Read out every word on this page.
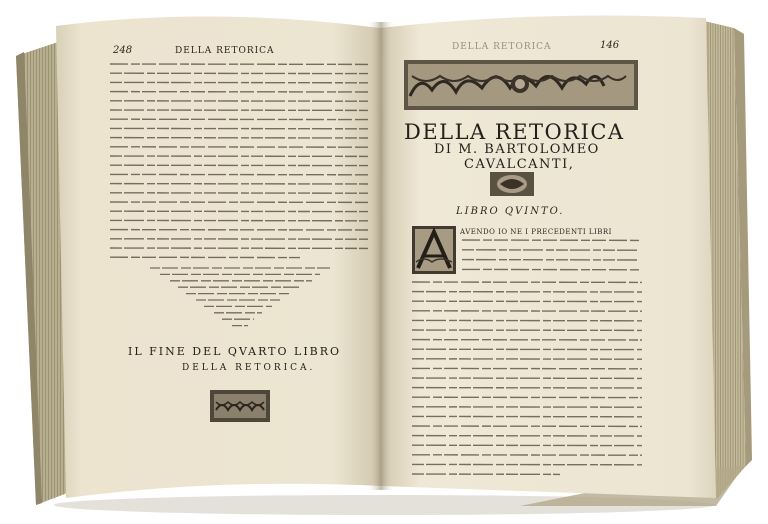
248	DELLA RETORICA
IL FINE DEL QVARTO LIBRO
DELLA RETORICA.
DELLA RETORICA	146
DELLA RETORICA
DI M. BARTOLOMEO
CAVALCANTI,
LIBRO QVINTO.
AVENDO IO NE I PRECEDENTI LIBRI
